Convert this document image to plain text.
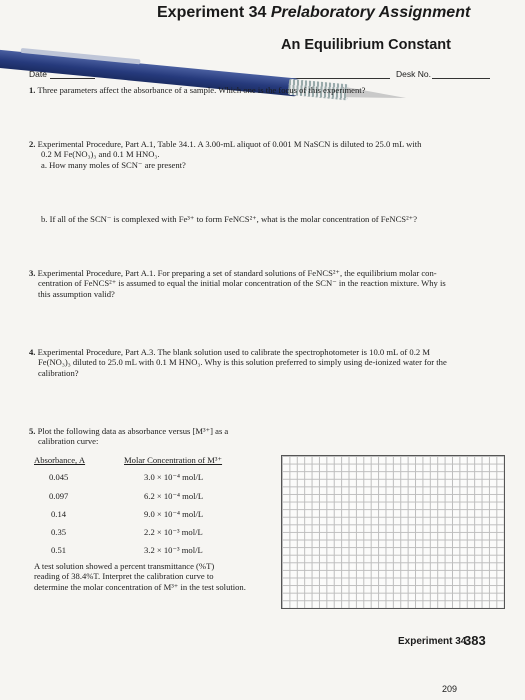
Experiment 34 Prelaboratory Assignment
An Equilibrium Constant
Date	Desk No.
1. Three parameters affect the absorbance of a sample. Which one is the focus of this experiment?
2. Experimental Procedure, Part A.1, Table 34.1. A 3.00-mL aliquot of 0.001 M NaSCN is diluted to 25.0 mL with
0.2 M Fe(NO₃)₃ and 0.1 M HNO₃.
a. How many moles of SCN⁻ are present?
b. If all of the SCN⁻ is complexed with Fe³⁺ to form FeNCS²⁺, what is the molar concentration of FeNCS²⁺?
3. Experimental Procedure, Part A.1. For preparing a set of standard solutions of FeNCS²⁺, the equilibrium molar con-
centration of FeNCS²⁺ is assumed to equal the initial molar concentration of the SCN⁻ in the reaction mixture. Why is
this assumption valid?
4. Experimental Procedure, Part A.3. The blank solution used to calibrate the spectrophotometer is 10.0 mL of 0.2 M
Fe(NO₃)₃ diluted to 25.0 mL with 0.1 M HNO₃. Why is this solution preferred to simply using de-ionized water for the
calibration?
5. Plot the following data as absorbance versus [M³⁺] as a
calibration curve:
Absorbance, A	Molar Concentration of M³⁺
0.045	3.0 × 10⁻⁴ mol/L
0.097	6.2 × 10⁻⁴ mol/L
0.14	9.0 × 10⁻⁴ mol/L
0.35	2.2 × 10⁻³ mol/L
0.51	3.2 × 10⁻³ mol/L
A test solution showed a percent transmittance (%T)
reading of 38.4%T. Interpret the calibration curve to
determine the molar concentration of M³⁺ in the test solution.
Experiment 34
383
209
